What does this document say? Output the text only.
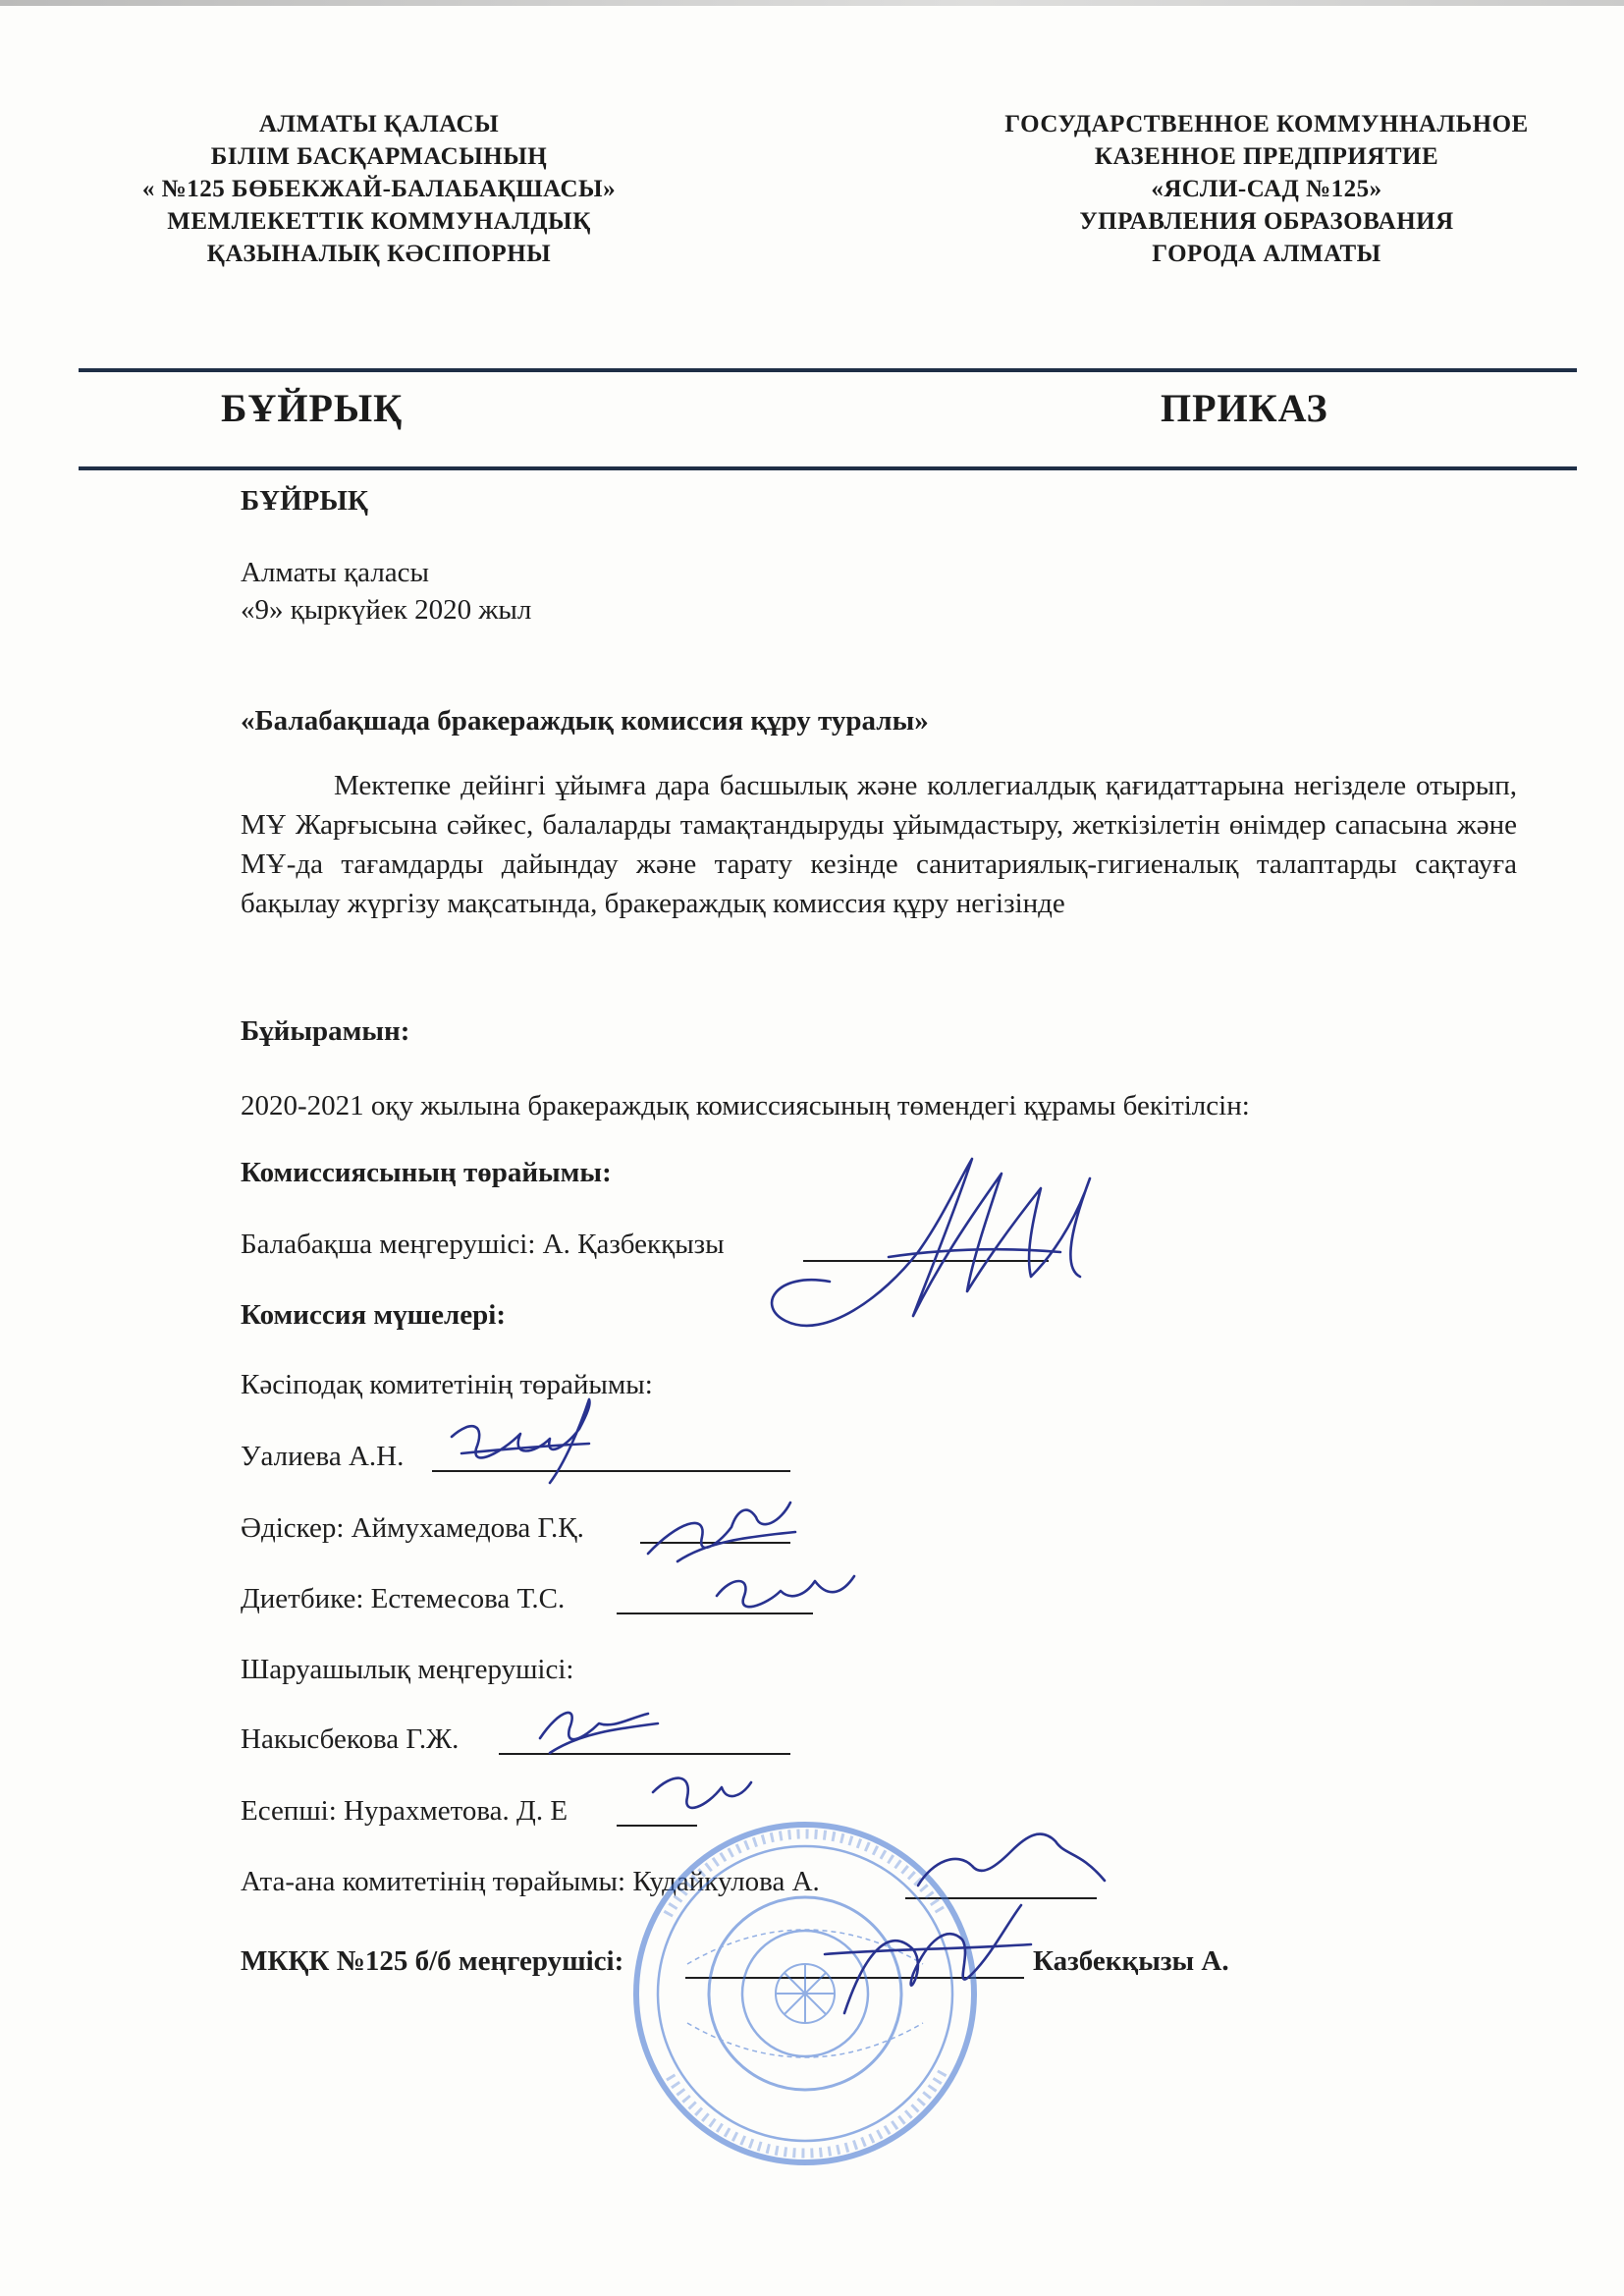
АЛМАТЫ ҚАЛАСЫ
БІЛІМ БАСҚАРМАСЫНЫҢ
« №125 БӨБЕКЖАЙ-БАЛАБАҚШАСЫ»
МЕМЛЕКЕТТІК КОММУНАЛДЫҚ
ҚАЗЫНАЛЫҚ КӘСІПОРНЫ
ГОСУДАРСТВЕННОЕ КОММУННАЛЬНОЕ
КАЗЕННОЕ ПРЕДПРИЯТИЕ
«ЯСЛИ-САД №125»
УПРАВЛЕНИЯ ОБРАЗОВАНИЯ
ГОРОДА АЛМАТЫ
БҰЙРЫҚ	ПРИКАЗ
БҰЙРЫҚ
Алматы қаласы
«9» қыркүйек 2020 жыл
«Балабақшада бракераждық комиссия құру туралы»
Мектепке дейінгі ұйымға дара басшылық және коллегиалдық қағидаттарына негізделе отырып, МҰ Жарғысына сәйкес, балаларды тамақтандыруды ұйымдастыру, жеткізілетін өнімдер сапасына және МҰ-да тағамдарды дайындау және тарату кезінде санитариялық-гигиеналық талаптарды сақтауға бақылау жүргізу мақсатында, бракераждық комиссия құру негізінде
Бұйырамын:
2020-2021 оқу жылына бракераждық комиссиясының төмендегі құрамы бекітілсін:
Комиссиясының төрайымы:
Балабақша меңгерушісі: А. Қазбекқызы
Комиссия мүшелері:
Кәсіподақ комитетінің төрайымы:
Уалиева А.Н.
Әдіскер: Аймухамедова Г.Қ.
Диетбике: Естемесова Т.С.
Шаруашылық меңгерушісі:
Накысбекова Г.Ж.
Есепші: Нурахметова. Д. Е
Ата-ана комитетінің төрайымы: Кудайкулова А.
МКҚК №125 б/б меңгерушісі:	Казбекқызы А.
